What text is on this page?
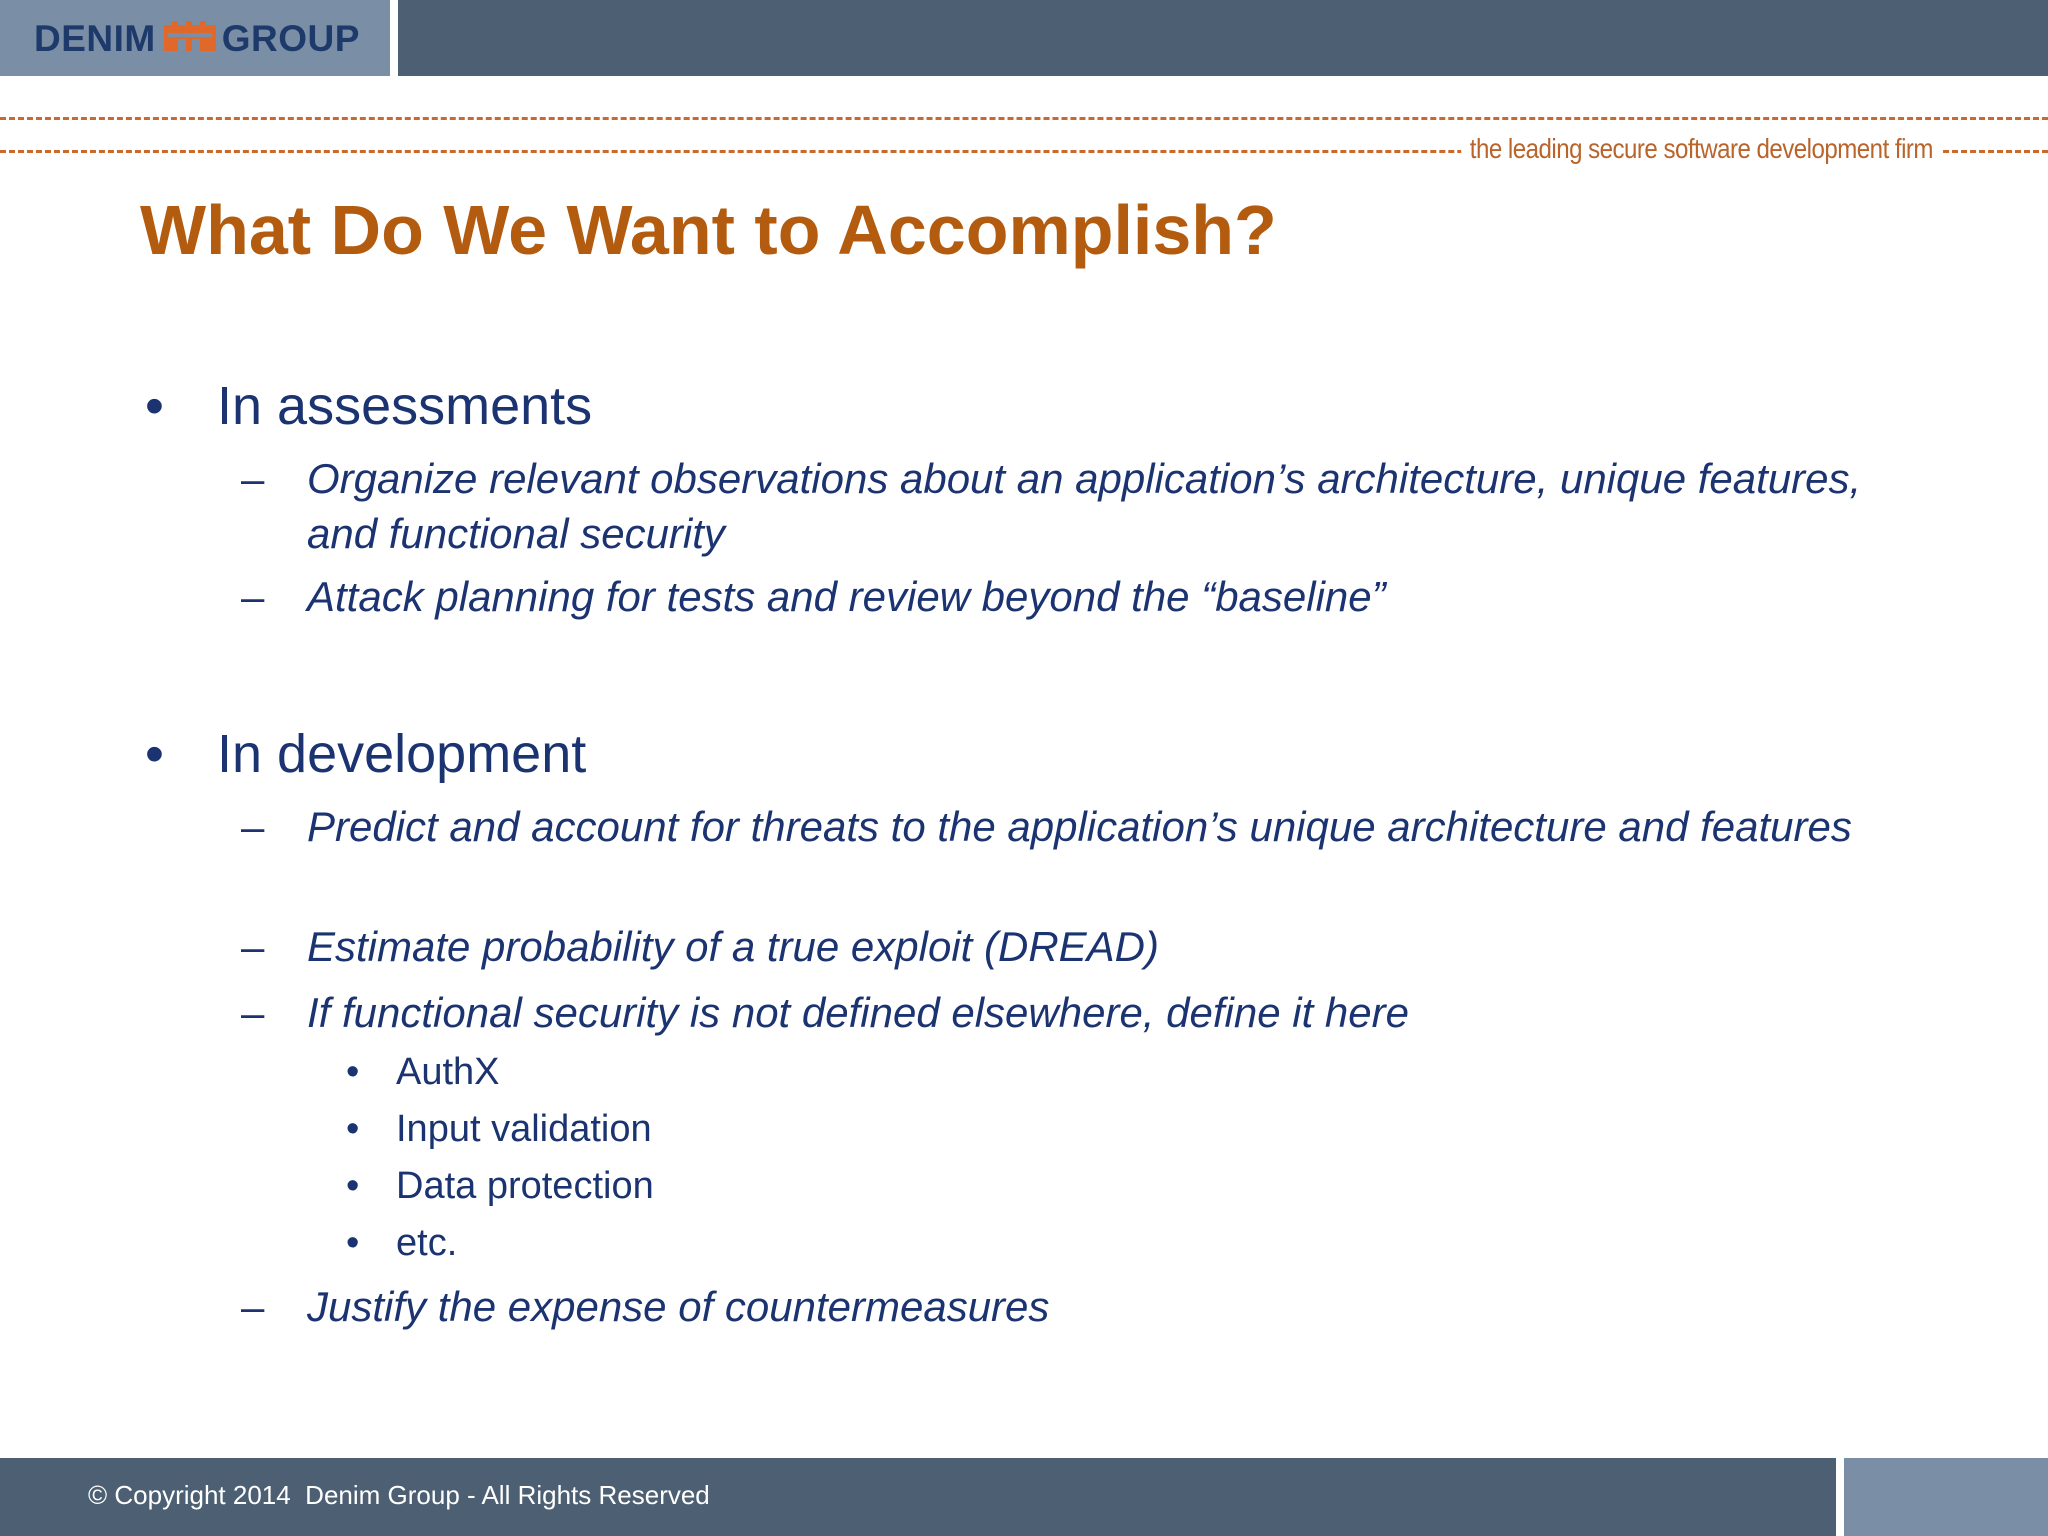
DENIM GROUP
the leading secure software development firm
What Do We Want to Accomplish?
• In assessments
– Organize relevant observations about an application’s architecture, unique features, and functional security
– Attack planning for tests and review beyond the “baseline”
• In development
– Predict and account for threats to the application’s unique architecture and features
– Estimate probability of a true exploit (DREAD)
– If functional security is not defined elsewhere, define it here
• AuthX
• Input validation
• Data protection
• etc.
– Justify the expense of countermeasures
© Copyright 2014  Denim Group - All Rights Reserved
